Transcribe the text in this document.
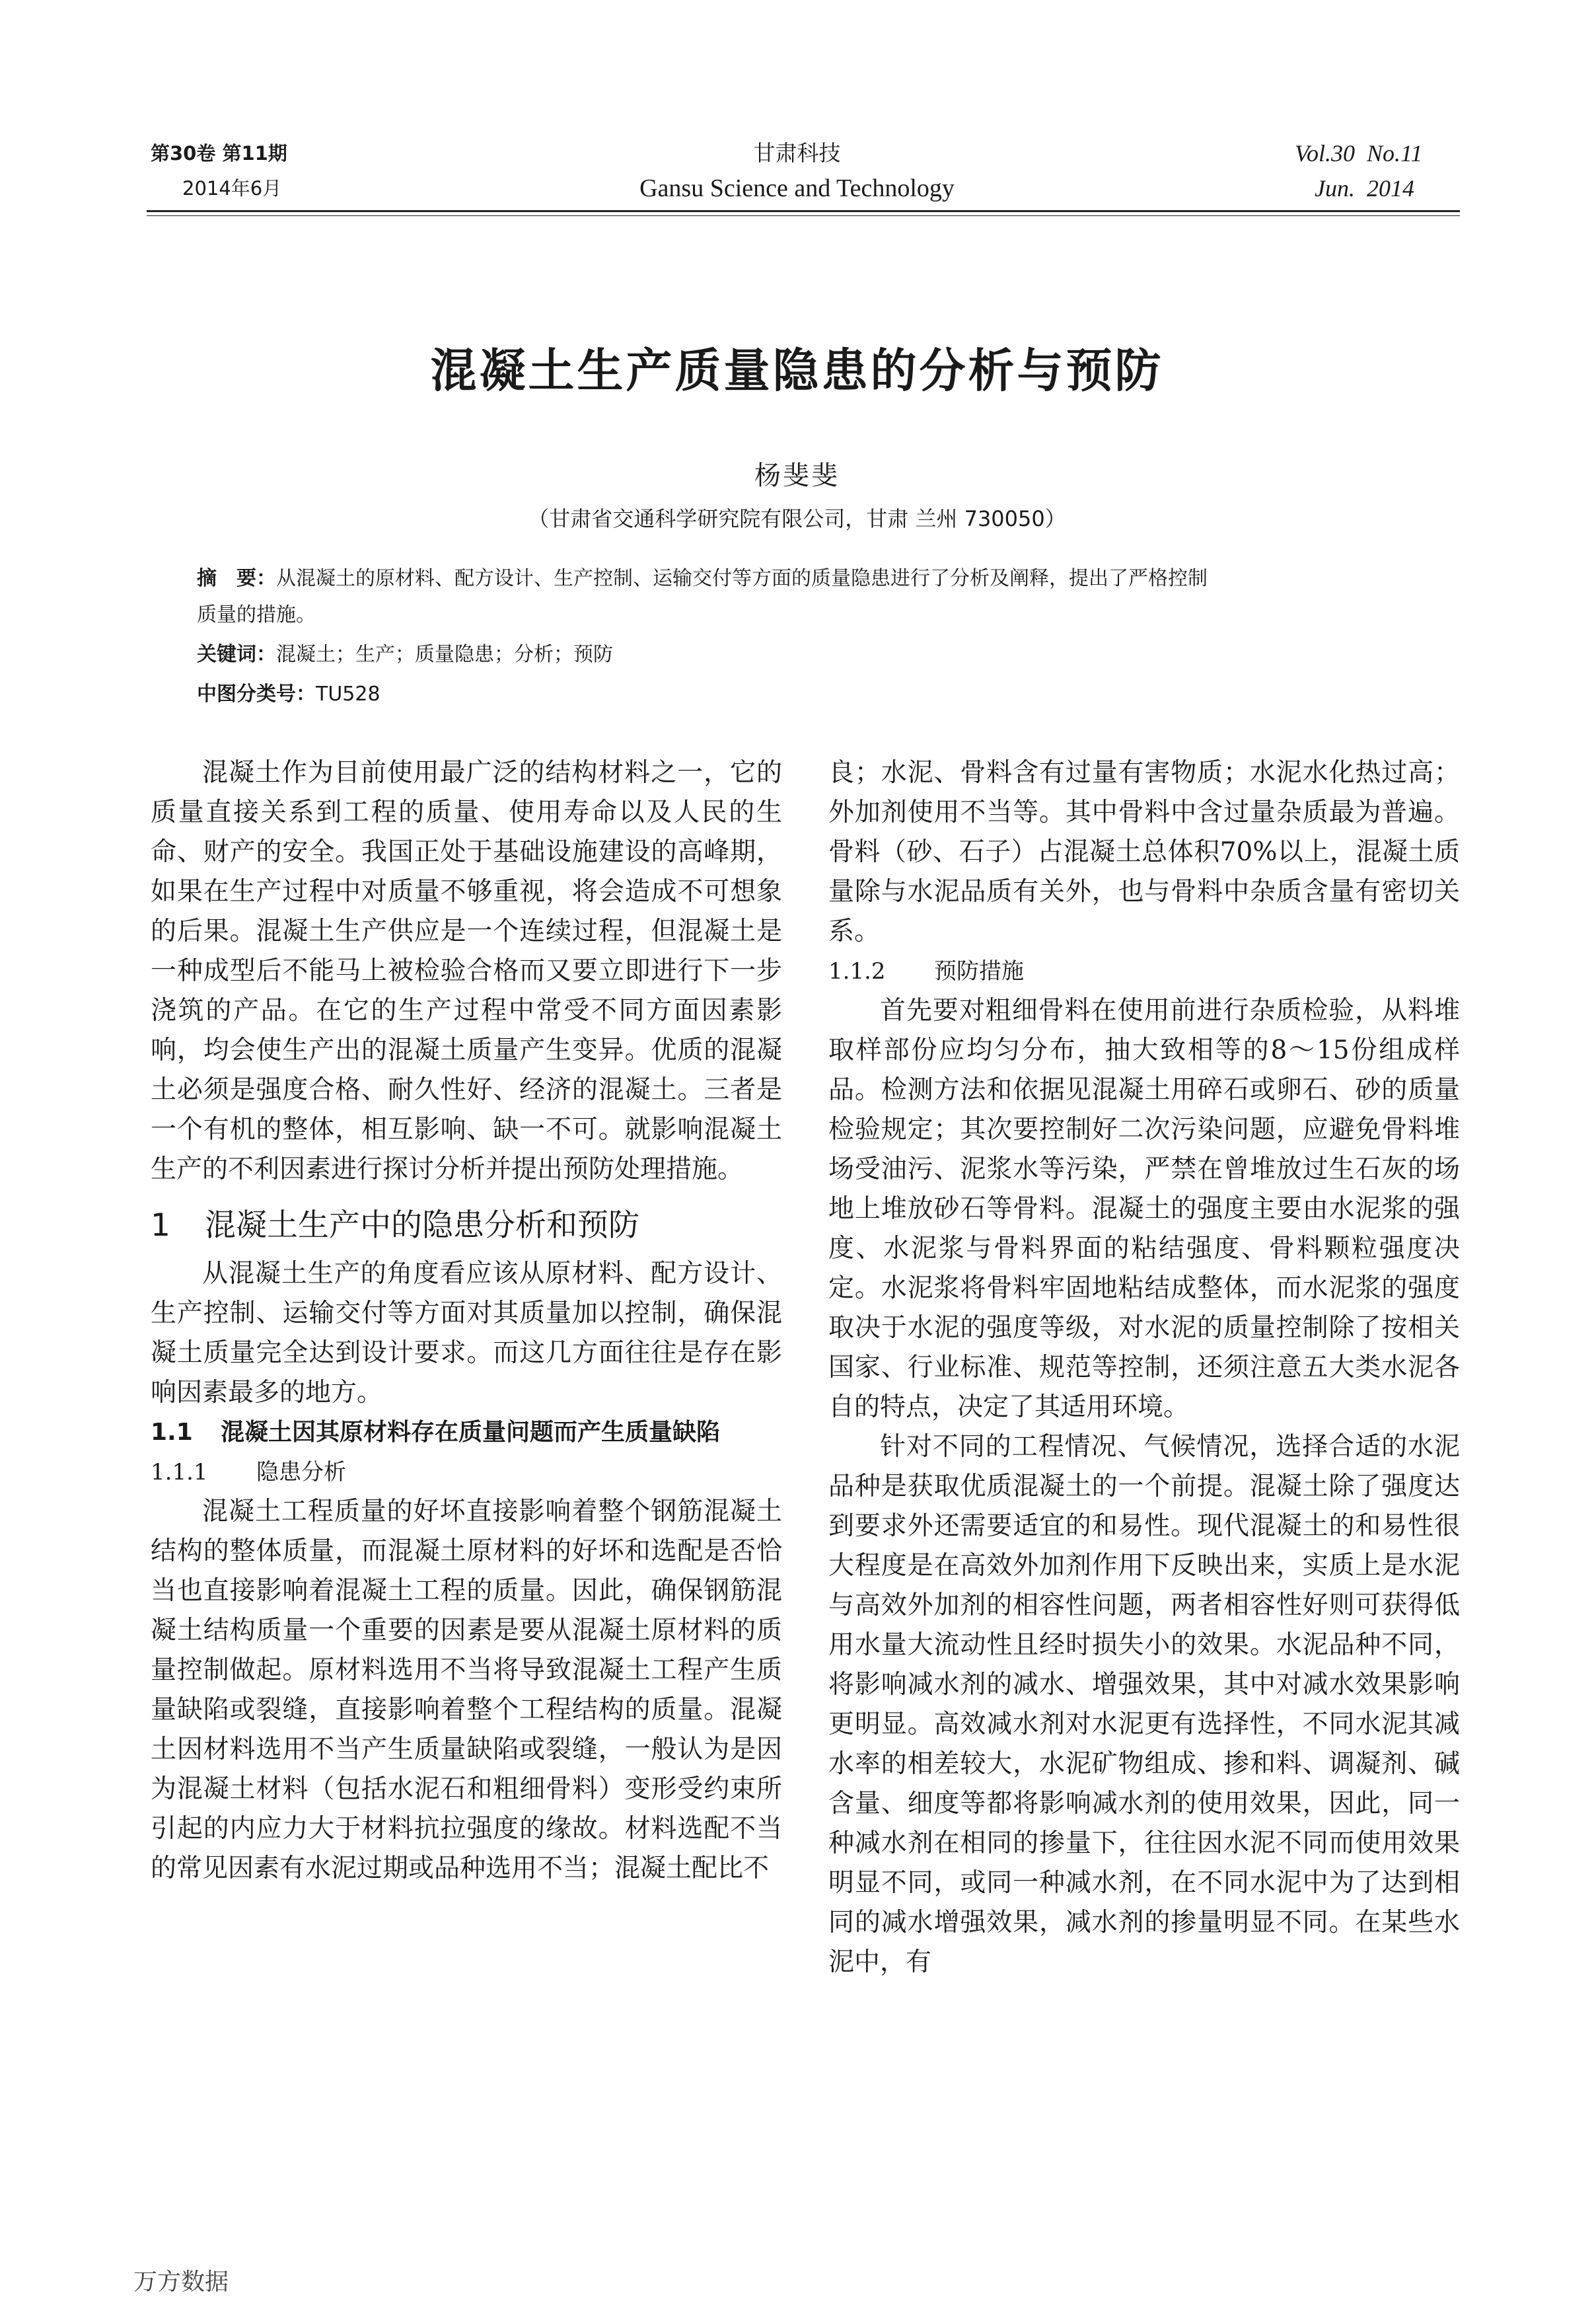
第30卷 第11期
2014年6月
甘肃科技
Gansu Science and Technology
Vol.30  No.11
Jun.  2014
混凝土生产质量隐患的分析与预防
杨斐斐
（甘肃省交通科学研究院有限公司，甘肃 兰州 730050）
摘　要：从混凝土的原材料、配方设计、生产控制、运输交付等方面的质量隐患进行了分析及阐释，提出了严格控制
质量的措施。
关键词：混凝土；生产；质量隐患；分析；预防
中图分类号：TU528

混凝土作为目前使用最广泛的结构材料之一，它的质量直接关系到工程的质量、使用寿命以及人民的生命、财产的安全。我国正处于基础设施建设的高峰期，如果在生产过程中对质量不够重视，将会造成不可想象的后果。混凝土生产供应是一个连续过程，但混凝土是一种成型后不能马上被检验合格而又要立即进行下一步浇筑的产品。在它的生产过程中常受不同方面因素影响，均会使生产出的混凝土质量产生变异。优质的混凝土必须是强度合格、耐久性好、经济的混凝土。三者是一个有机的整体，相互影响、缺一不可。就影响混凝土生产的不利因素进行探讨分析并提出预防处理措施。

1 混凝土生产中的隐患分析和预防

从混凝土生产的角度看应该从原材料、配方设计、生产控制、运输交付等方面对其质量加以控制，确保混凝土质量完全达到设计要求。而这几方面往往是存在影响因素最多的地方。

1.1 混凝土因其原材料存在质量问题而产生质量缺陷
1.1.1 隐患分析

混凝土工程质量的好坏直接影响着整个钢筋混凝土结构的整体质量，而混凝土原材料的好坏和选配是否恰当也直接影响着混凝土工程的质量。因此，确保钢筋混凝土结构质量一个重要的因素是要从混凝土原材料的质量控制做起。原材料选用不当将导致混凝土工程产生质量缺陷或裂缝，直接影响着整个工程结构的质量。混凝土因材料选用不当产生质量缺陷或裂缝，一般认为是因为混凝土材料（包括水泥石和粗细骨料）变形受约束所引起的内应力大于材料抗拉强度的缘故。材料选配不当的常见因素有水泥过期或品种选用不当；混凝土配比不

良；水泥、骨料含有过量有害物质；水泥水化热过高；外加剂使用不当等。其中骨料中含过量杂质最为普遍。骨料（砂、石子）占混凝土总体积70%以上，混凝土质量除与水泥品质有关外，也与骨料中杂质含量有密切关系。

1.1.2 预防措施

首先要对粗细骨料在使用前进行杂质检验，从料堆取样部份应均匀分布，抽大致相等的8～15份组成样品。检测方法和依据见混凝土用碎石或卵石、砂的质量检验规定；其次要控制好二次污染问题，应避免骨料堆场受油污、泥浆水等污染，严禁在曾堆放过生石灰的场地上堆放砂石等骨料。混凝土的强度主要由水泥浆的强度、水泥浆与骨料界面的粘结强度、骨料颗粒强度决定。水泥浆将骨料牢固地粘结成整体，而水泥浆的强度取决于水泥的强度等级，对水泥的质量控制除了按相关国家、行业标准、规范等控制，还须注意五大类水泥各自的特点，决定了其适用环境。

针对不同的工程情况、气候情况，选择合适的水泥品种是获取优质混凝土的一个前提。混凝土除了强度达到要求外还需要适宜的和易性。现代混凝土的和易性很大程度是在高效外加剂作用下反映出来，实质上是水泥与高效外加剂的相容性问题，两者相容性好则可获得低用水量大流动性且经时损失小的效果。水泥品种不同，将影响减水剂的减水、增强效果，其中对减水效果影响更明显。高效减水剂对水泥更有选择性，不同水泥其减水率的相差较大，水泥矿物组成、掺和料、调凝剂、碱含量、细度等都将影响减水剂的使用效果，因此，同一种减水剂在相同的掺量下，往往因水泥不同而使用效果明显不同，或同一种减水剂，在不同水泥中为了达到相同的减水增强效果，减水剂的掺量明显不同。在某些水泥中，有

万方数据
